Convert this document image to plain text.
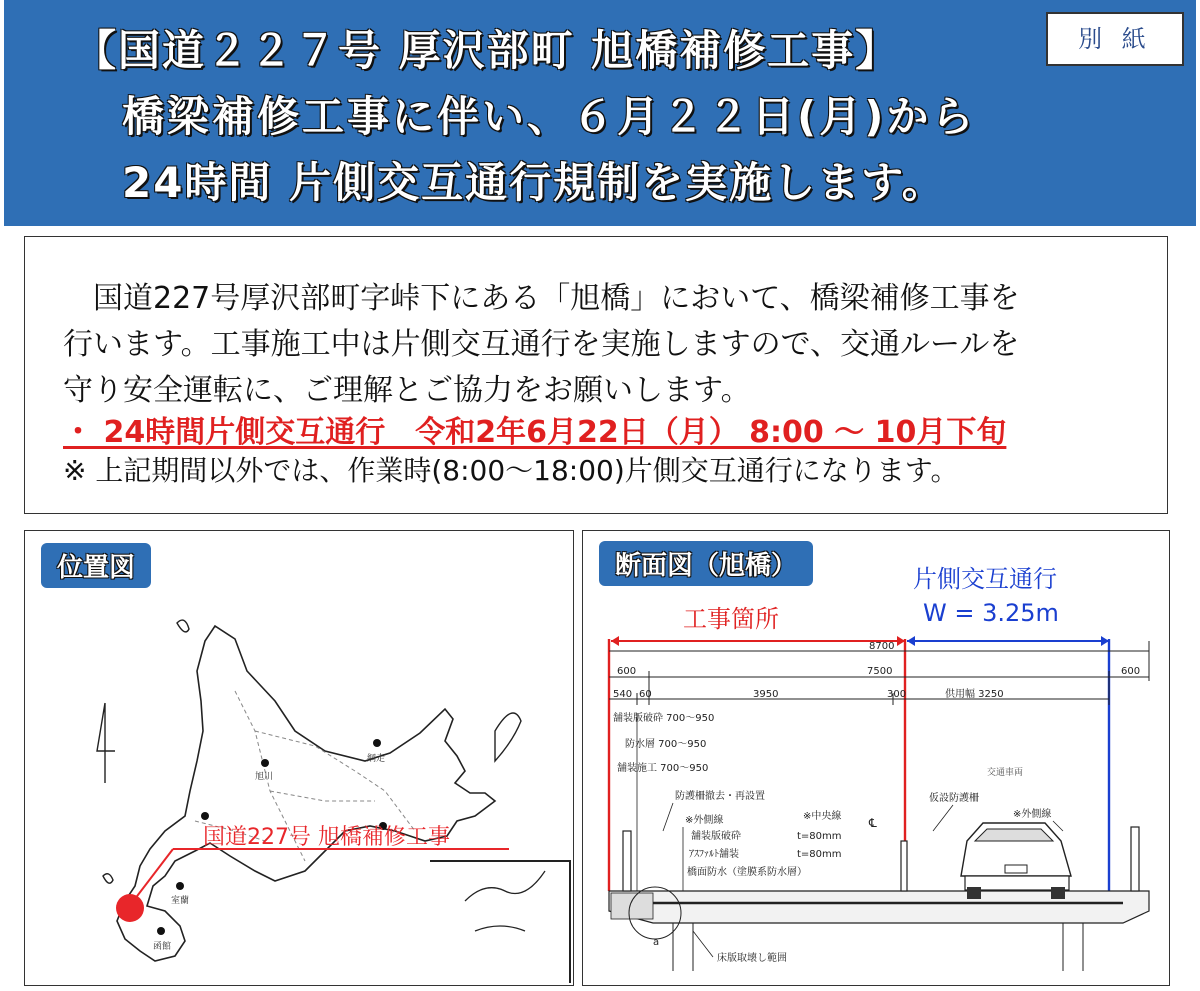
【国道２２７号 厚沢部町 旭橋補修工事】
橋梁補修工事に伴い、６月２２日(月)から
24時間 片側交互通行規制を実施します。
別 紙

　国道227号厚沢部町字峠下にある「旭橋」において、橋梁補修工事を

行います。工事施工中は片側交互通行を実施しますので、交通ルールを

守り安全運転に、ご理解とご協力をお願いします。

・ 24時間片側交互通行　令和2年6月22日（月） 8:00 ～ 10月下旬

※ 上記期間以外では、作業時(8:00～18:00)片側交互通行になります。

旭川
網走
室蘭
函館
国道227号 旭橋補修工事
位置図
工事箇所
片側交互通行
W = 3.25m
8700
600	7500	600
540 60	3950	300	供用幅 3250
舗装版破砕 700～950
防水層 700～950
舗装施工 700～950
防護柵撤去・再設置
※外側線
舗装版破砕	t=80mm
ｱｽﾌｧﾙﾄ舗装	t=80mm
橋面防水（塗膜系防水層）
※中央線
仮設防護柵
※外側線
交通車両
床版取壊し範囲
℄
a
断面図（旭橋）
